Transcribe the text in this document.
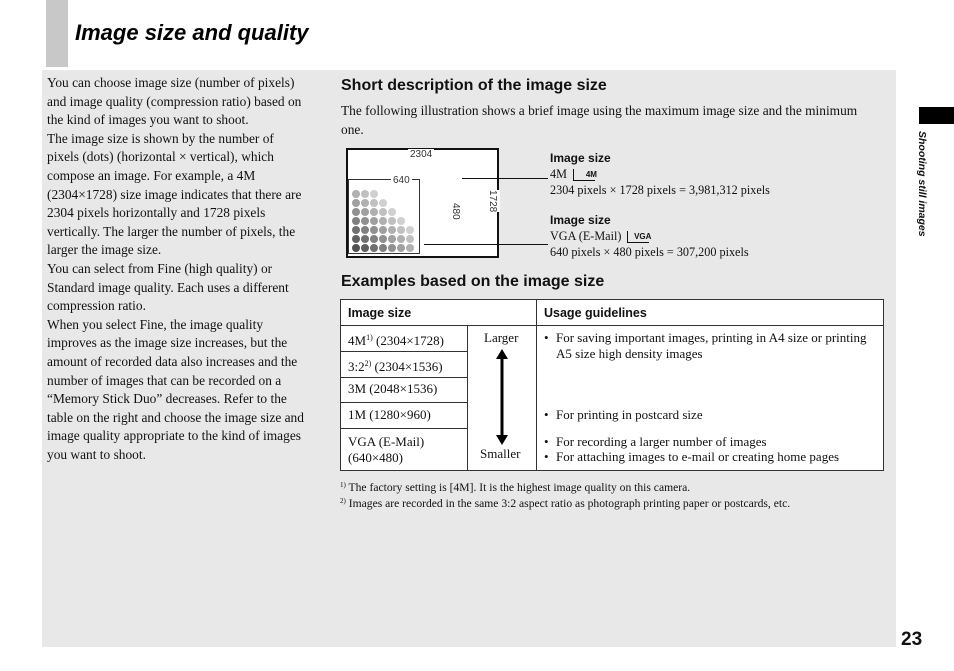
Image size and quality

You can choose image size (number of pixels) and image quality (compression ratio) based on the kind of images you want to shoot.

The image size is shown by the number of pixels (dots) (horizontal × vertical), which compose an image. For example, a 4M (2304×1728) size image indicates that there are 2304 pixels horizontally and 1728 pixels vertically. The larger the number of pixels, the larger the image size.

You can select from Fine (high quality) or Standard image quality. Each uses a different compression ratio.

When you select Fine, the image quality improves as the image size increases, but the amount of recorded data also increases and the number of images that can be recorded on a “Memory Stick Duo” decreases. Refer to the table on the right and choose the image size and image quality appropriate to the kind of images you want to shoot.

Short description of the image size
The following illustration shows a brief image using the maximum image size and the minimum one.
2304
1728
640
480
Image size
4M 4M
2304 pixels × 1728 pixels = 3,981,312 pixels
Image size
VGA (E-Mail) VGA
640 pixels × 480 pixels = 307,200 pixels
Examples based on the image size
Image size	Usage guidelines
$4M^{1)}$ (2304×1728)
3:2$^{2)}$ (2304×1536)
3M (2048×1536)
1M (1280×960)
VGA (E-Mail)
(640×480)
Larger
Smaller
• For saving important images, printing in A4 size or printing A5 size high density images
• For printing in postcard size
• For recording a larger number of images
• For attaching images to e-mail or creating home pages
$^{1)}$ The factory setting is [4M]. It is the highest image quality on this camera.
$^{2)}$ Images are recorded in the same 3:2 aspect ratio as photograph printing paper or postcards, etc.
Shooting still images
23
